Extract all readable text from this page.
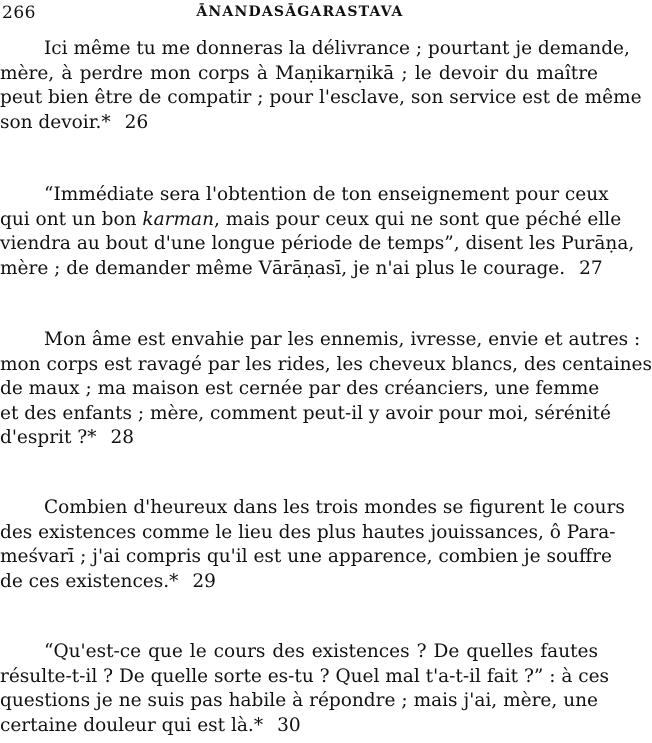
266	ĀNANDASĀGARASTAVA
Ici même tu me donneras la délivrance ; pourtant je demande,
mère, à perdre mon corps à Maṇikarṇikā ; le devoir du maître
peut bien être de compatir ; pour l'esclave, son service est de même
son devoir.* 26
“Immédiate sera l'obtention de ton enseignement pour ceux
qui ont un bon karman, mais pour ceux qui ne sont que péché elle
viendra au bout d'une longue période de temps”, disent les Purāṇa,
mère ; de demander même Vārāṇasī, je n'ai plus le courage. 27
Mon âme est envahie par les ennemis, ivresse, envie et autres :
mon corps est ravagé par les rides, les cheveux blancs, des centaines
de maux ; ma maison est cernée par des créanciers, une femme
et des enfants ; mère, comment peut-il y avoir pour moi, sérénité
d'esprit ?* 28
Combien d'heureux dans les trois mondes se figurent le cours
des existences comme le lieu des plus hautes jouissances, ô Para-
meśvarī ; j'ai compris qu'il est une apparence, combien je souffre
de ces existences.* 29
“Qu'est-ce que le cours des existences ? De quelles fautes
résulte-t-il ? De quelle sorte es-tu ? Quel mal t'a-t-il fait ?” : à ces
questions je ne suis pas habile à répondre ; mais j'ai, mère, une
certaine douleur qui est là.* 30
